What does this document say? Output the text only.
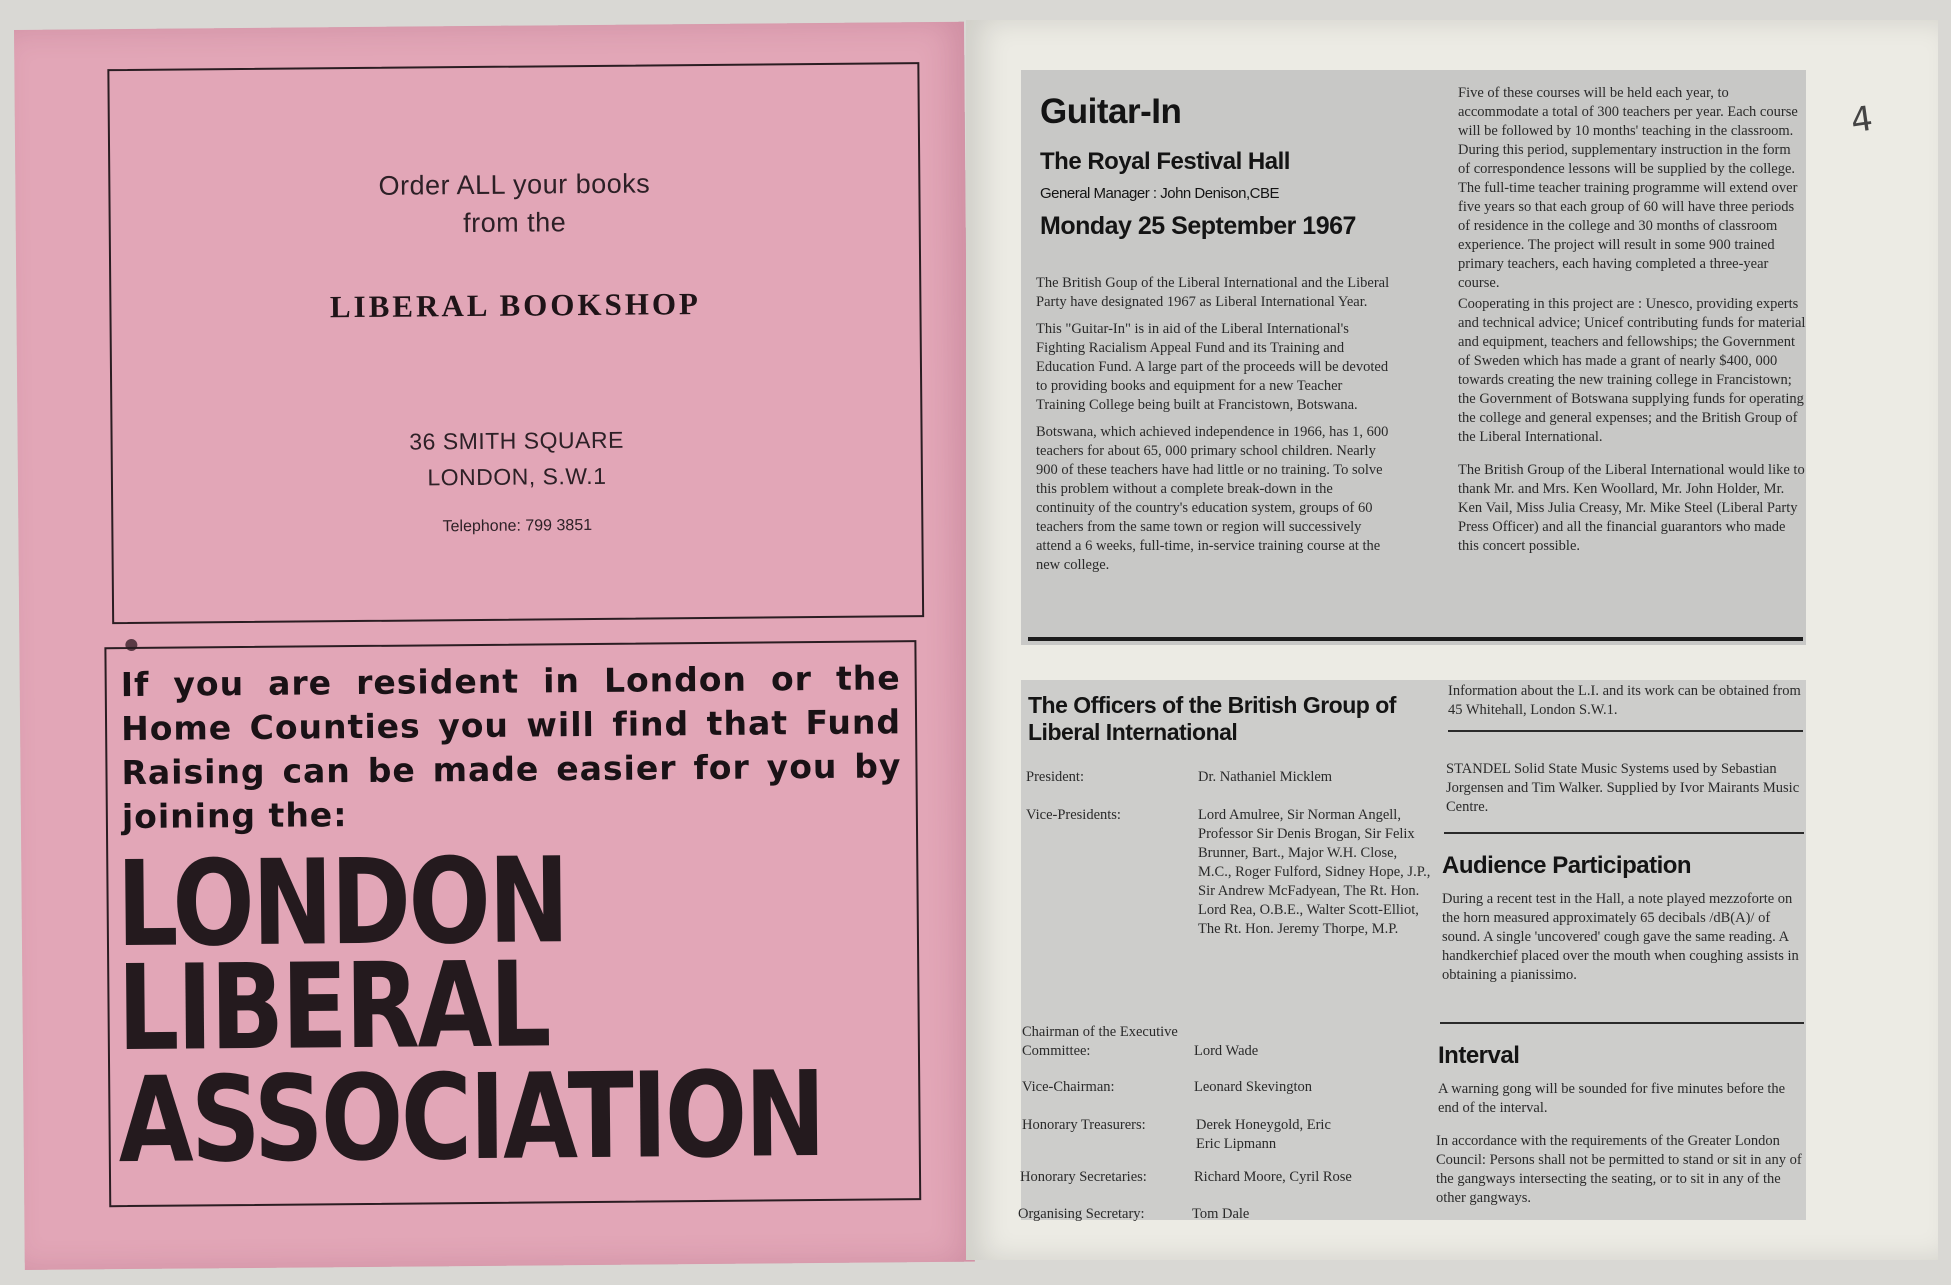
Order ALL your books
from the
LIBERAL BOOKSHOP
36 SMITH SQUARE
LONDON, S.W.1
Telephone: 799 3851
If you are resident in London or the Home Counties you will find that Fund Raising can be made easier for you by joining the:
LONDON
LIBERAL
ASSOCIATION
4
Guitar-In
The Royal Festival Hall
General Manager : John Denison,CBE
Monday 25 September 1967

The British Goup of the Liberal International and the Liberal Party have designated 1967 as Liberal International Year.

This "Guitar-In" is in aid of the Liberal International's Fighting Racialism Appeal Fund and its Training and Education Fund. A large part of the proceeds will be devoted to providing books and equipment for a new Teacher Training College being built at Francistown, Botswana.

Botswana, which achieved independence in 1966, has 1, 600 teachers for about 65, 000 primary school children. Nearly 900 of these teachers have had little or no training. To solve this problem without a complete break-down in the continuity of the country's education system, groups of 60 teachers from the same town or region will successively attend a 6 weeks, full-time, in-service training course at the new college.

Five of these courses will be held each year, to accommodate a total of 300 teachers per year. Each course will be followed by 10 months' teaching in the classroom. During this period, supplementary instruction in the form of correspondence lessons will be supplied by the college. The full-time teacher training programme will extend over five years so that each group of 60 will have three periods of residence in the college and 30 months of classroom experience. The project will result in some 900 trained primary teachers, each having completed a three-year course.

Cooperating in this project are : Unesco, providing experts and technical advice; Unicef contributing funds for material and equipment, teachers and fellowships; the Government of Sweden which has made a grant of nearly $400, 000 towards creating the new training college in Francistown; the Government of Botswana supplying funds for operating the college and general expenses; and the British Group of the Liberal International.

The British Group of the Liberal International would like to thank Mr. and Mrs. Ken Woollard, Mr. John Holder, Mr. Ken Vail, Miss Julia Creasy, Mr. Mike Steel (Liberal Party Press Officer) and all the financial guarantors who made this concert possible.

The Officers of the British Group of Liberal International
President:	Dr. Nathaniel Micklem
Vice-Presidents:	Lord Amulree, Sir Norman Angell, Professor Sir Denis Brogan, Sir Felix Brunner, Bart., Major W.H. Close, M.C., Roger Fulford, Sidney Hope, J.P., Sir Andrew McFadyean, The Rt. Hon. Lord Rea, O.B.E., Walter Scott-Elliot, The Rt. Hon. Jeremy Thorpe, M.P.
Chairman of the Executive Committee:	Lord Wade
Vice-Chairman:	Leonard Skevington
Honorary Treasurers:	Derek Honeygold, Eric Eric Lipmann
Honorary Secretaries:	Richard Moore, Cyril Rose
Organising Secretary:	Tom Dale
Information about the L.I. and its work can be obtained from 45 Whitehall, London S.W.1.
STANDEL Solid State Music Systems used by Sebastian Jorgensen and Tim Walker. Supplied by Ivor Mairants Music Centre.
Audience Participation
During a recent test in the Hall, a note played mezzoforte on the horn measured approximately 65 decibals /dB(A)/ of sound. A single 'uncovered' cough gave the same reading. A handkerchief placed over the mouth when coughing assists in obtaining a pianissimo.
Interval
A warning gong will be sounded for five minutes before the end of the interval.
In accordance with the requirements of the Greater London Council: Persons shall not be permitted to stand or sit in any of the gangways intersecting the seating, or to sit in any of the other gangways.
